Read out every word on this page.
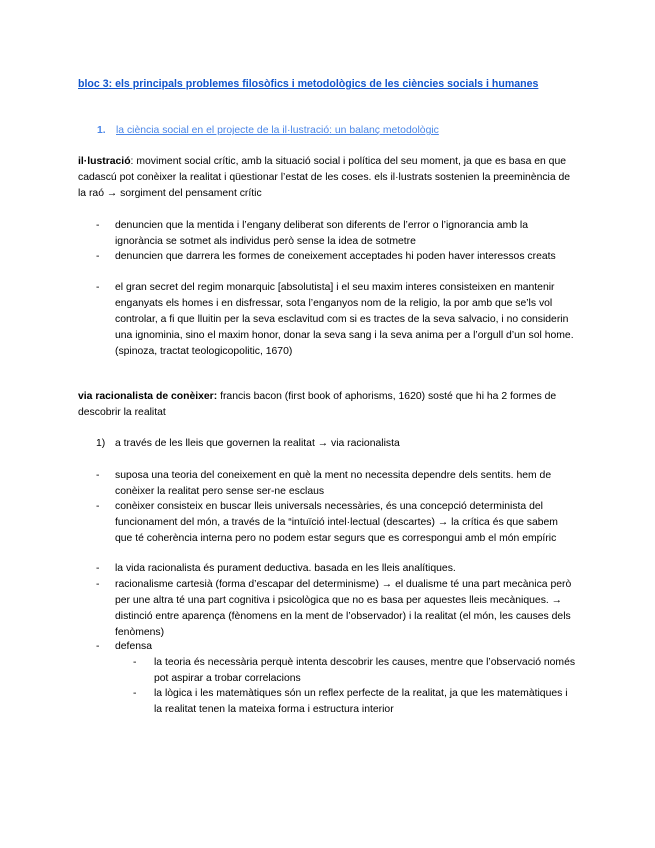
bloc 3: els principals problemes filosòfics i metodològics de les ciències socials i humanes
1. la ciència social en el projecte de la il·lustració: un balanç metodològic
il·lustració: moviment social crític, amb la situació social i política del seu moment, ja que es basa en que cadascú pot conèixer la realitat i qüestionar l’estat de les coses. els il·lustrats sostenien la preeminència de la raó → sorgiment del pensament crític
-	denuncien que la mentida i l’engany deliberat son diferents de l’error o l’ignorancia amb la ignorància se sotmet als individus però sense la idea de sotmetre
-	denuncien que darrera les formes de coneixement acceptades hi poden haver interessos creats
-	el gran secret del regim monarquic [absolutista] i el seu maxim interes consisteixen en mantenir enganyats els homes i en disfressar, sota l’enganyos nom de la religio, la por amb que se’ls vol controlar, a fi que lluitin per la seva esclavitud com si es tractes de la seva salvacio, i no considerin una ignominia, sino el maxim honor, donar la seva sang i la seva anima per a l’orgull d’un sol home. (spinoza, tractat teologicopolitic, 1670)
via racionalista de conèixer: francis bacon (first book of aphorisms, 1620) sosté que hi ha 2 formes de descobrir la realitat
1) a través de les lleis que governen la realitat → via racionalista
-	suposa una teoria del coneixement en què la ment no necessita dependre dels sentits. hem de conèixer la realitat pero sense ser-ne esclaus
-	conèixer consisteix en buscar lleis universals necessàries, és una concepció determinista del funcionament del món, a través de la “intuïció intel·lectual (descartes) → la crítica és que sabem que té coherència interna pero no podem estar segurs que es correspongui amb el món empíric
-	la vida racionalista és purament deductiva. basada en les lleis analítiques.
-	racionalisme cartesià (forma d’escapar del determinisme) → el dualisme té una part mecànica però per une altra té una part cognitiva i psicològica que no es basa per aquestes lleis mecàniques. → distinció entre aparença (fènomens en la ment de l’observador) i la realitat (el món, les causes dels fenòmens)
-	defensa
-	la teoria és necessària perquè intenta descobrir les causes, mentre que l’observació només pot aspirar a trobar correlacions
-	la lògica i les matemàtiques són un reflex perfecte de la realitat, ja que les matemàtiques i la realitat tenen la mateixa forma i estructura interior
